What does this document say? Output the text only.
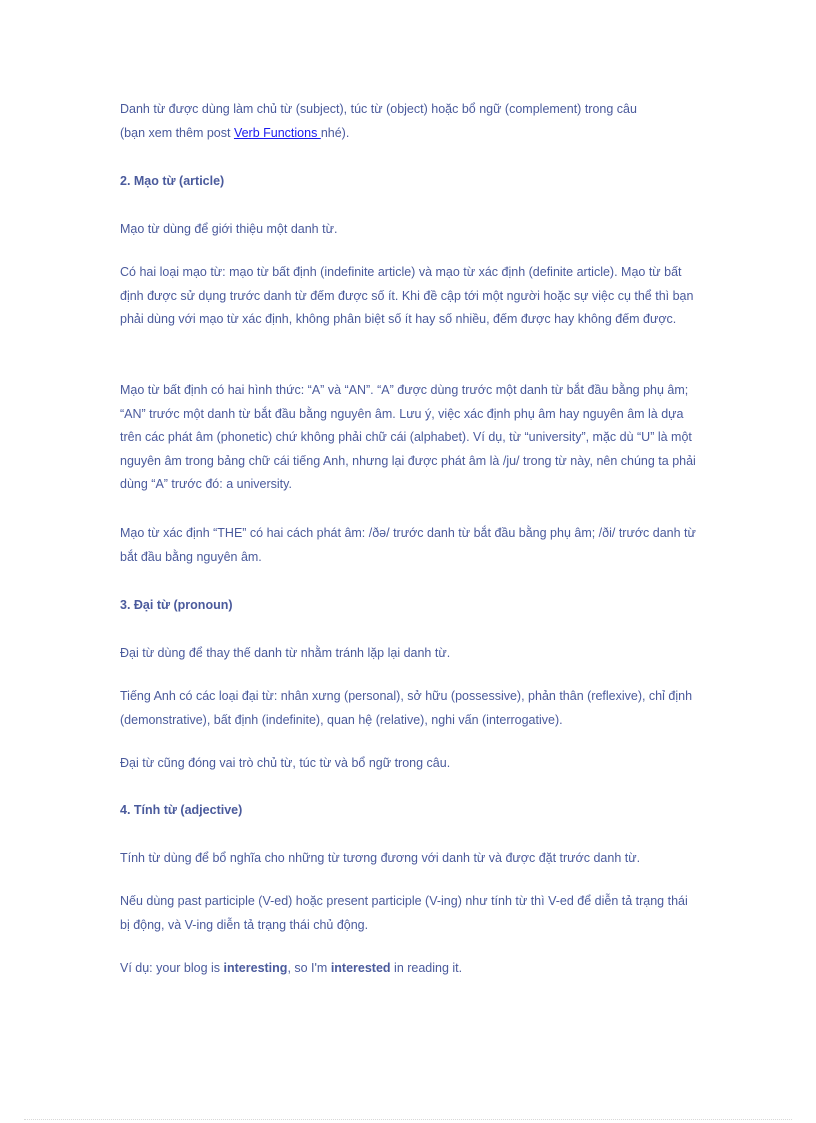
Danh từ được dùng làm chủ từ (subject), túc từ (object) hoặc bổ ngữ (complement) trong câu

(bạn xem thêm post Verb Functions nhé).

2. Mạo từ (article)

Mạo từ dùng để giới thiệu một danh từ.

Có hai loại mạo từ: mạo từ bất định (indefinite article) và mạo từ xác định (definite article). Mạo từ bất định được sử dụng trước danh từ đếm được số ít. Khi đề cập tới một người hoặc sự việc cụ thể thì bạn phải dùng với mạo từ xác định, không phân biệt số ít hay số nhiều, đếm được hay không đếm được.

Mạo từ bất định có hai hình thức: “A” và “AN”. “A” được dùng trước một danh từ bắt đầu bằng phụ âm; “AN” trước một danh từ bắt đầu bằng nguyên âm. Lưu ý, việc xác định phụ âm hay nguyên âm là dựa trên các phát âm (phonetic) chứ không phải chữ cái (alphabet). Ví dụ, từ “university”, mặc dù “U” là một nguyên âm trong bảng chữ cái tiếng Anh, nhưng lại được phát âm là /ju/ trong từ này, nên chúng ta phải dùng “A” trước đó: a university.

Mạo từ xác định “THE” có hai cách phát âm: /ðə/ trước danh từ bắt đầu bằng phụ âm; /ði/ trước danh từ bắt đầu bằng nguyên âm.

3. Đại từ (pronoun)

Đại từ dùng để thay thế danh từ nhằm tránh lặp lại danh từ.

Tiếng Anh có các loại đại từ: nhân xưng (personal), sở hữu (possessive), phản thân (reflexive), chỉ định (demonstrative), bất định (indefinite), quan hệ (relative), nghi vấn (interrogative).

Đại từ cũng đóng vai trò chủ từ, túc từ và bổ ngữ trong câu.

4. Tính từ (adjective)

Tính từ dùng để bổ nghĩa cho những từ tương đương với danh từ và được đặt trước danh từ.

Nếu dùng past participle (V-ed) hoặc present participle (V-ing) như tính từ thì V-ed để diễn tả trạng thái bị động, và V-ing diễn tả trạng thái chủ động.

Ví dụ: your blog is interesting, so I'm interested in reading it.
